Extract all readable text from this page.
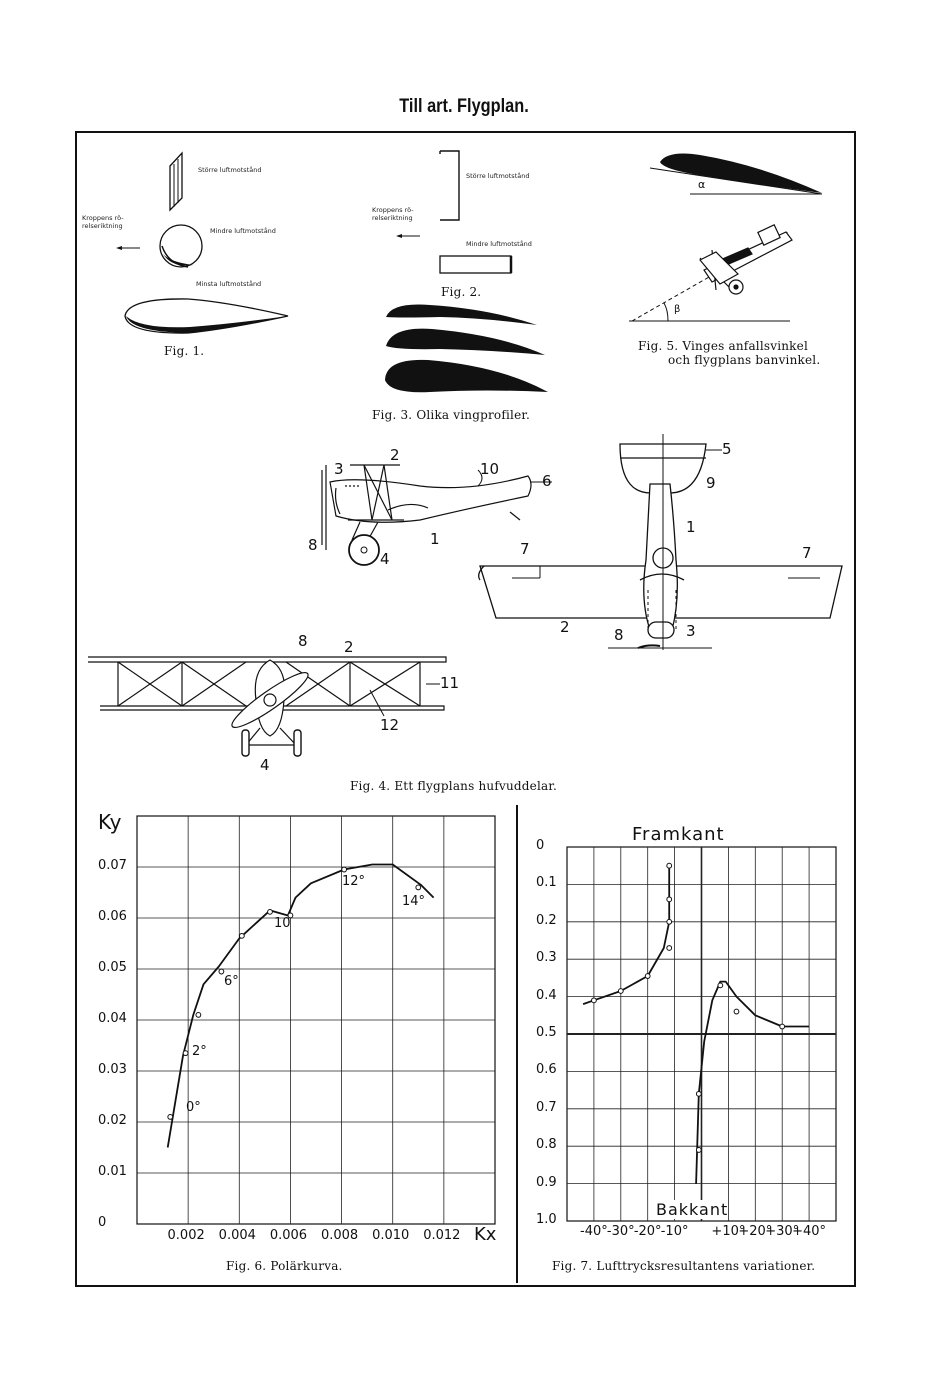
Till art. Flygplan.
Större luftmotstånd
Kroppens rö-relseriktning
Mindre luftmotstånd
Minsta luftmotstånd
Fig. 1.
Större luftmotstånd
Kroppens rö-relseriktning
Mindre luftmotstånd
Fig. 2.
Fig. 3. Olika vingprofiler.
α
β
Fig. 5. Vinges anfallsvinkel
och flygplans banvinkel.
3
2
10
6
1
8
4
5
9
1
7	7
2	8	3
8 2
11
12
4
Fig. 4. Ett flygplans hufvuddelar.
Ky
Kx
0
0.01
0.02
0.03
0.04
0.05
0.06
0.07
0.002 0.004 0.006 0.008 0.010 0.012
0°
2°
6°
10
12°
14°
Fig. 6. Polärkurva.
Framkant
Bakkant
0
0.1
0.2
0.3
0.4
0.5
0.6
0.7
0.8
0.9
1.0
-40° -30° -20° -10° +10°
+20°
+30°
+40°
Fig. 7. Lufttrycksresultantens variationer.
